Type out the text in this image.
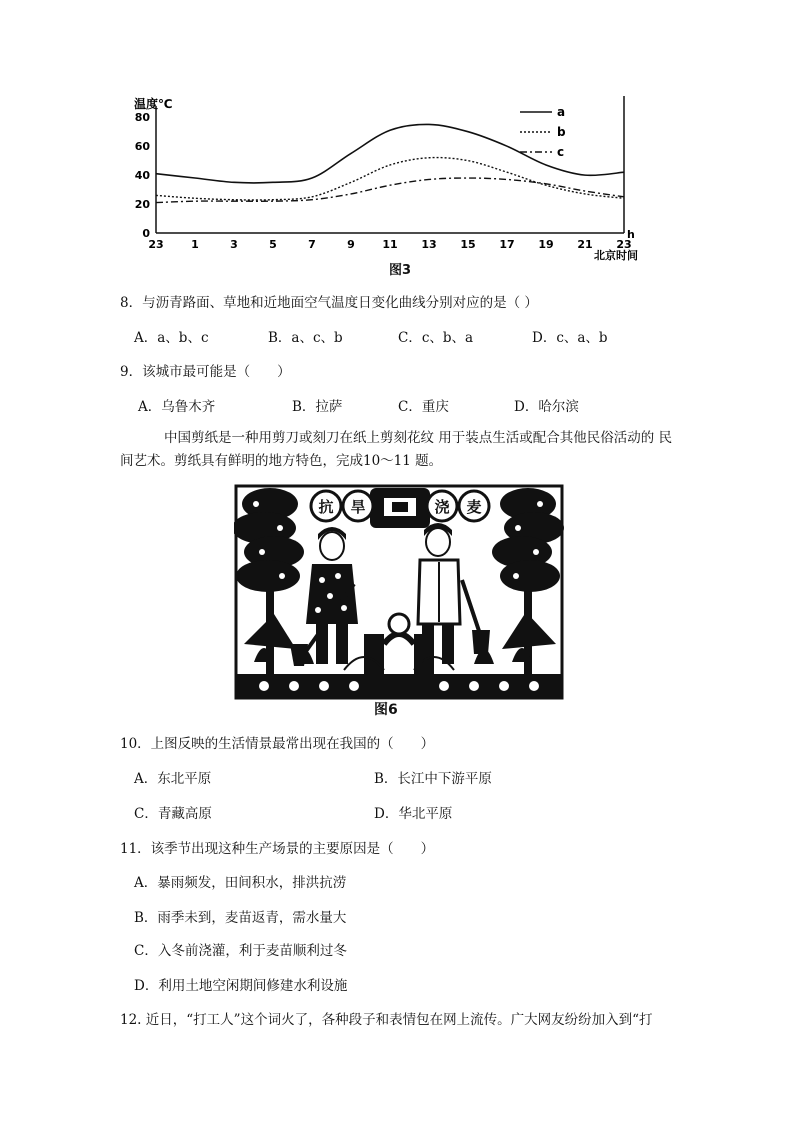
温度℃
0
20
40
60
80
23	1	3	5	7	9	11 13 15 17 19 21 23
a
b
c
h
北京时间
图3
8．与沥青路面、草地和近地面空气温度日变化曲线分别对应的是（ ）
A．a、b、c	B．a、c、b	C．c、b、a	D．c、a、b
9．该城市最可能是（　　）
A．乌鲁木齐	B．拉萨	C．重庆	D．哈尔滨
中国剪纸是一种用剪刀或刻刀在纸上剪刻花纹 用于装点生活或配合其他民俗活动的 民
间艺术。剪纸具有鲜明的地方特色，完成10～11 题。
抗 旱	浇 麦
图6
10．上图反映的生活情景最常出现在我国的（　　）
A．东北平原	B．长江中下游平原
C．青藏高原	D．华北平原
11．该季节出现这种生产场景的主要原因是（　　）
A．暴雨频发，田间积水，排洪抗涝
B．雨季未到，麦苗返青，需水量大
C．入冬前浇灌，利于麦苗顺利过冬
D．利用土地空闲期间修建水利设施
12. 近日，“打工人”这个词火了，各种段子和表情包在网上流传。广大网友纷纷加入到“打
